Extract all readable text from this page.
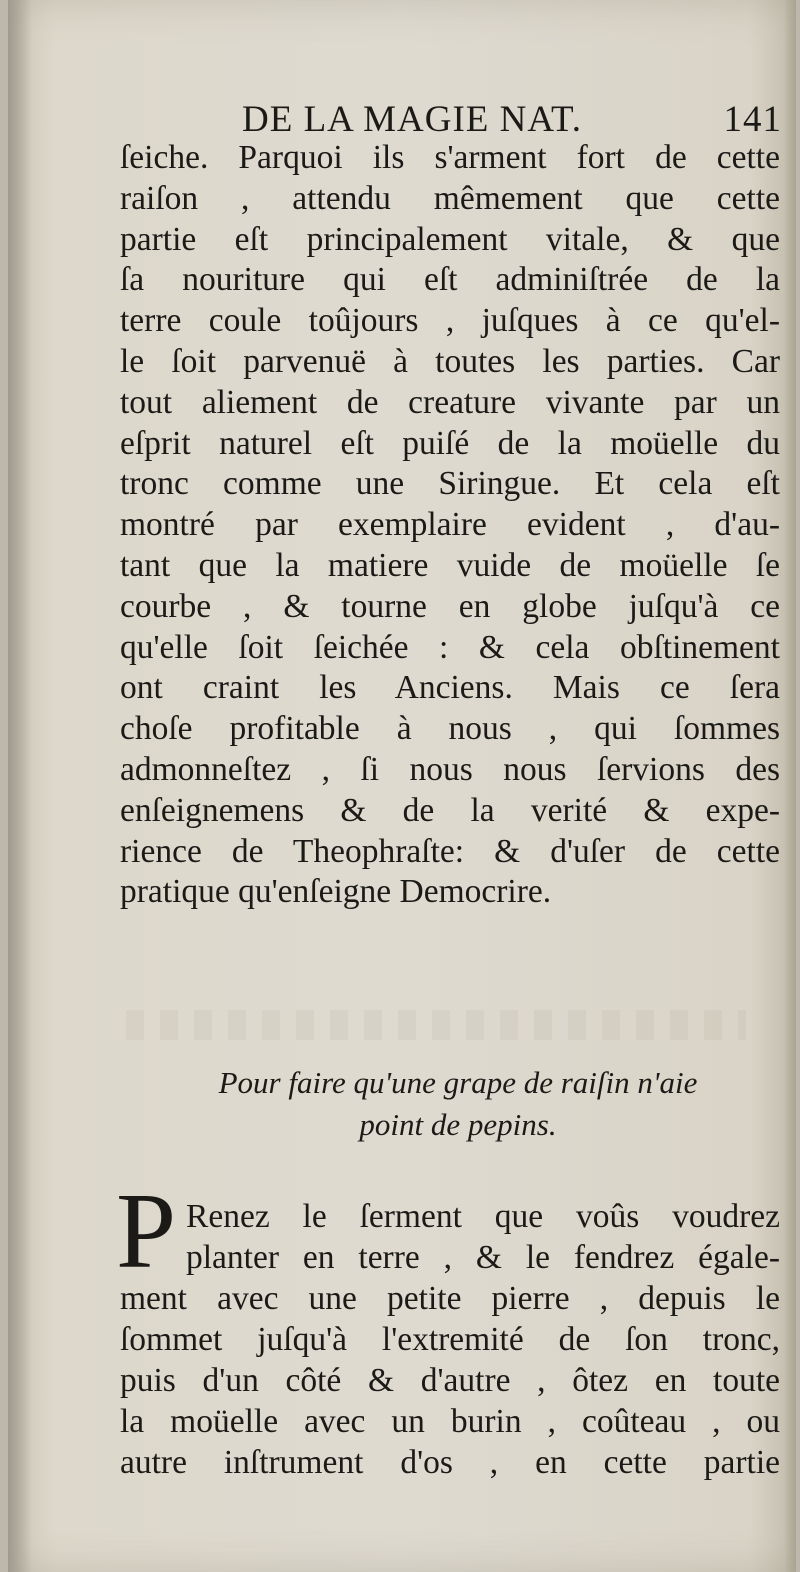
DE LA MAGIE NAT.	141
ſeiche. Parquoi ils s'arment fort de cette
raiſon , attendu mêmement que cette
partie eſt principalement vitale, & que
ſa nouriture qui eſt adminiſtrée de la
terre coule toûjours , juſques à ce qu'el-
le ſoit parvenuë à toutes les parties. Car
tout aliement de creature vivante par un
eſprit naturel eſt puiſé de la moüelle du
tronc comme une Siringue. Et cela eſt
montré par exemplaire evident , d'au-
tant que la matiere vuide de moüelle ſe
courbe , & tourne en globe juſqu'à ce
qu'elle ſoit ſeichée : & cela obſtinement
ont craint les Anciens. Mais ce ſera
choſe profitable à nous , qui ſommes
admonneſtez , ſi nous nous ſervions des
enſeignemens & de la verité & expe-
rience de Theophraſte: & d'uſer de cette
pratique qu'enſeigne Democrire.
Pour faire qu'une grape de raiſin n'aie
point de pepins.
P Renez le ſerment que voûs voudrez
planter en terre , & le fendrez égale-
ment avec une petite pierre , depuis le
ſommet juſqu'à l'extremité de ſon tronc,
puis d'un côté & d'autre , ôtez en toute
la moüelle avec un burin , coûteau , ou
autre inſtrument d'os , en cette partie
